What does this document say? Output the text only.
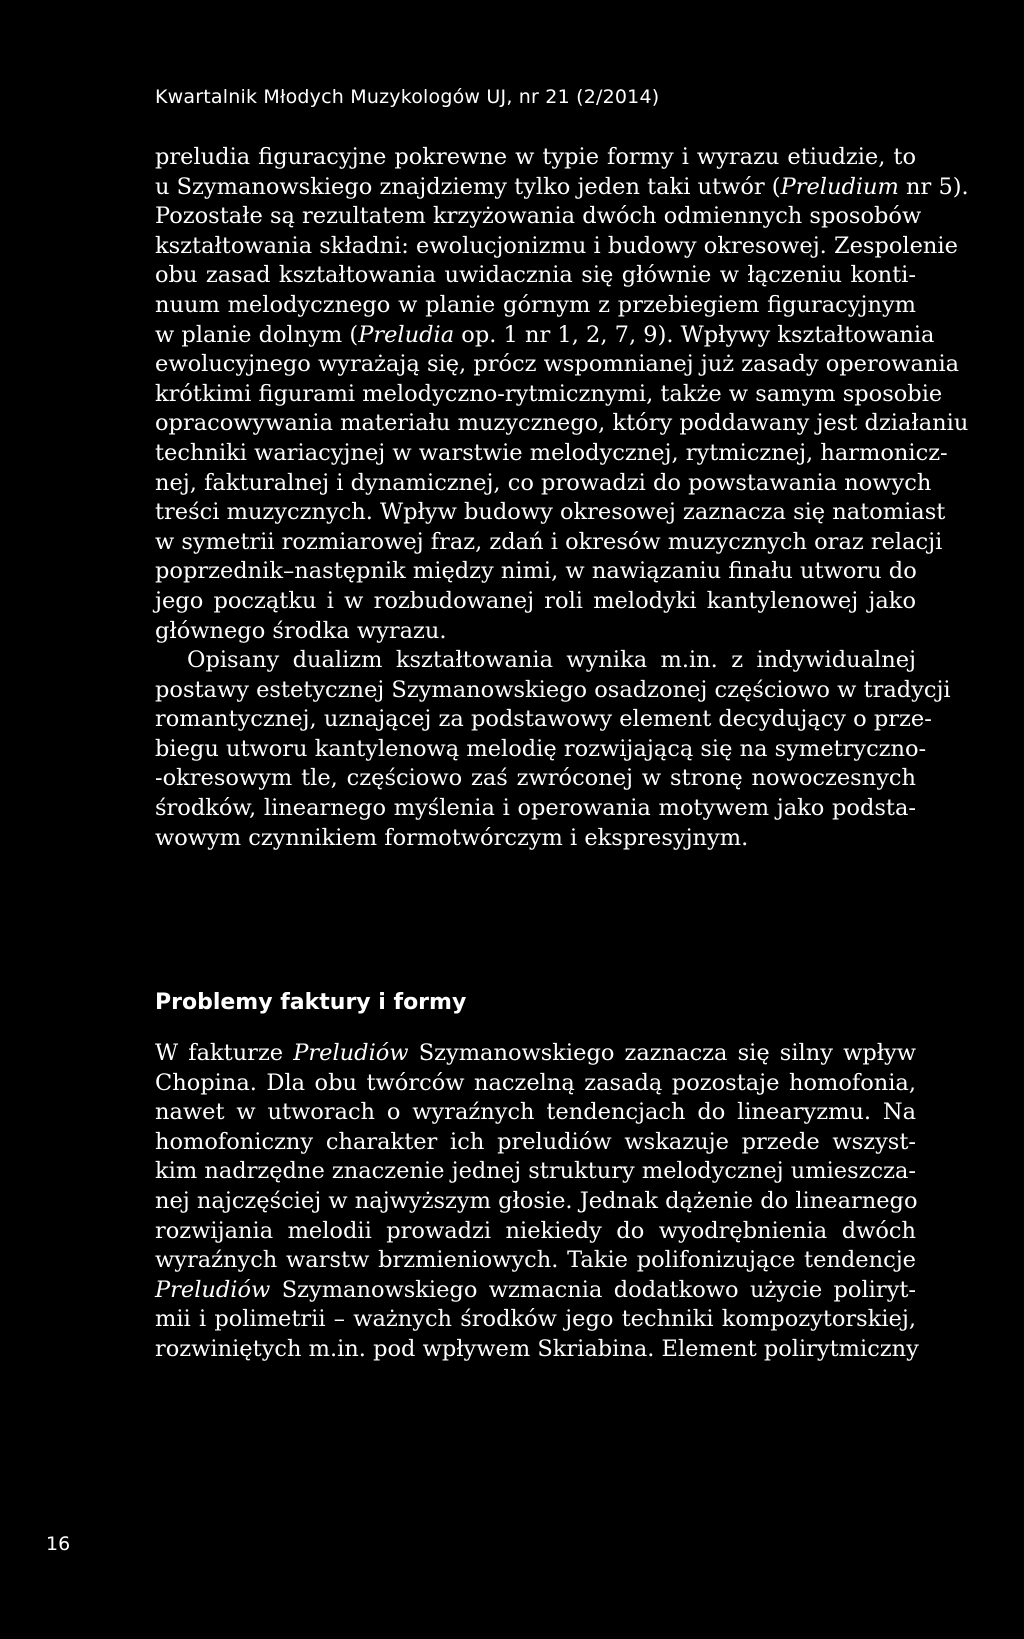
Kwartalnik Młodych Muzykologów UJ, nr 21 (2/2014)
preludia figuracyjne pokrewne w typie formy i wyrazu etiudzie, to
u Szymanowskiego znajdziemy tylko jeden taki utwór (Preludium nr 5).
Pozostałe są rezultatem krzyżowania dwóch odmiennych sposobów
kształtowania składni: ewolucjonizmu i budowy okresowej. Zespolenie
obu zasad kształtowania uwidacznia się głównie w łączeniu konti-
nuum melodycznego w planie górnym z przebiegiem figuracyjnym
w planie dolnym (Preludia op. 1 nr 1, 2, 7, 9). Wpływy kształtowania
ewolucyjnego wyrażają się, prócz wspomnianej już zasady operowania
krótkimi figurami melodyczno-rytmicznymi, także w samym sposobie
opracowywania materiału muzycznego, który poddawany jest działaniu
techniki wariacyjnej w warstwie melodycznej, rytmicznej, harmonicz-
nej, fakturalnej i dynamicznej, co prowadzi do powstawania nowych
treści muzycznych. Wpływ budowy okresowej zaznacza się natomiast
w symetrii rozmiarowej fraz, zdań i okresów muzycznych oraz relacji
poprzednik–następnik między nimi, w nawiązaniu finału utworu do
jego początku i w rozbudowanej roli melodyki kantylenowej jako
głównego środka wyrazu.
Opisany dualizm kształtowania wynika m.in. z indywidualnej
postawy estetycznej Szymanowskiego osadzonej częściowo w tradycji
romantycznej, uznającej za podstawowy element decydujący o prze-
biegu utworu kantylenową melodię rozwijającą się na symetryczno-
-okresowym tle, częściowo zaś zwróconej w stronę nowoczesnych
środków, linearnego myślenia i operowania motywem jako podsta-
wowym czynnikiem formotwórczym i ekspresyjnym.
Problemy faktury i formy
W fakturze Preludiów Szymanowskiego zaznacza się silny wpływ
Chopina. Dla obu twórców naczelną zasadą pozostaje homofonia,
nawet w utworach o wyraźnych tendencjach do linearyzmu. Na
homofoniczny charakter ich preludiów wskazuje przede wszyst-
kim nadrzędne znaczenie jednej struktury melodycznej umieszcza-
nej najczęściej w najwyższym głosie. Jednak dążenie do linearnego
rozwijania melodii prowadzi niekiedy do wyodrębnienia dwóch
wyraźnych warstw brzmieniowych. Takie polifonizujące tendencje
Preludiów Szymanowskiego wzmacnia dodatkowo użycie poliryt-
mii i polimetrii – ważnych środków jego techniki kompozytorskiej,
rozwiniętych m.in. pod wpływem Skriabina. Element polirytmiczny
16
